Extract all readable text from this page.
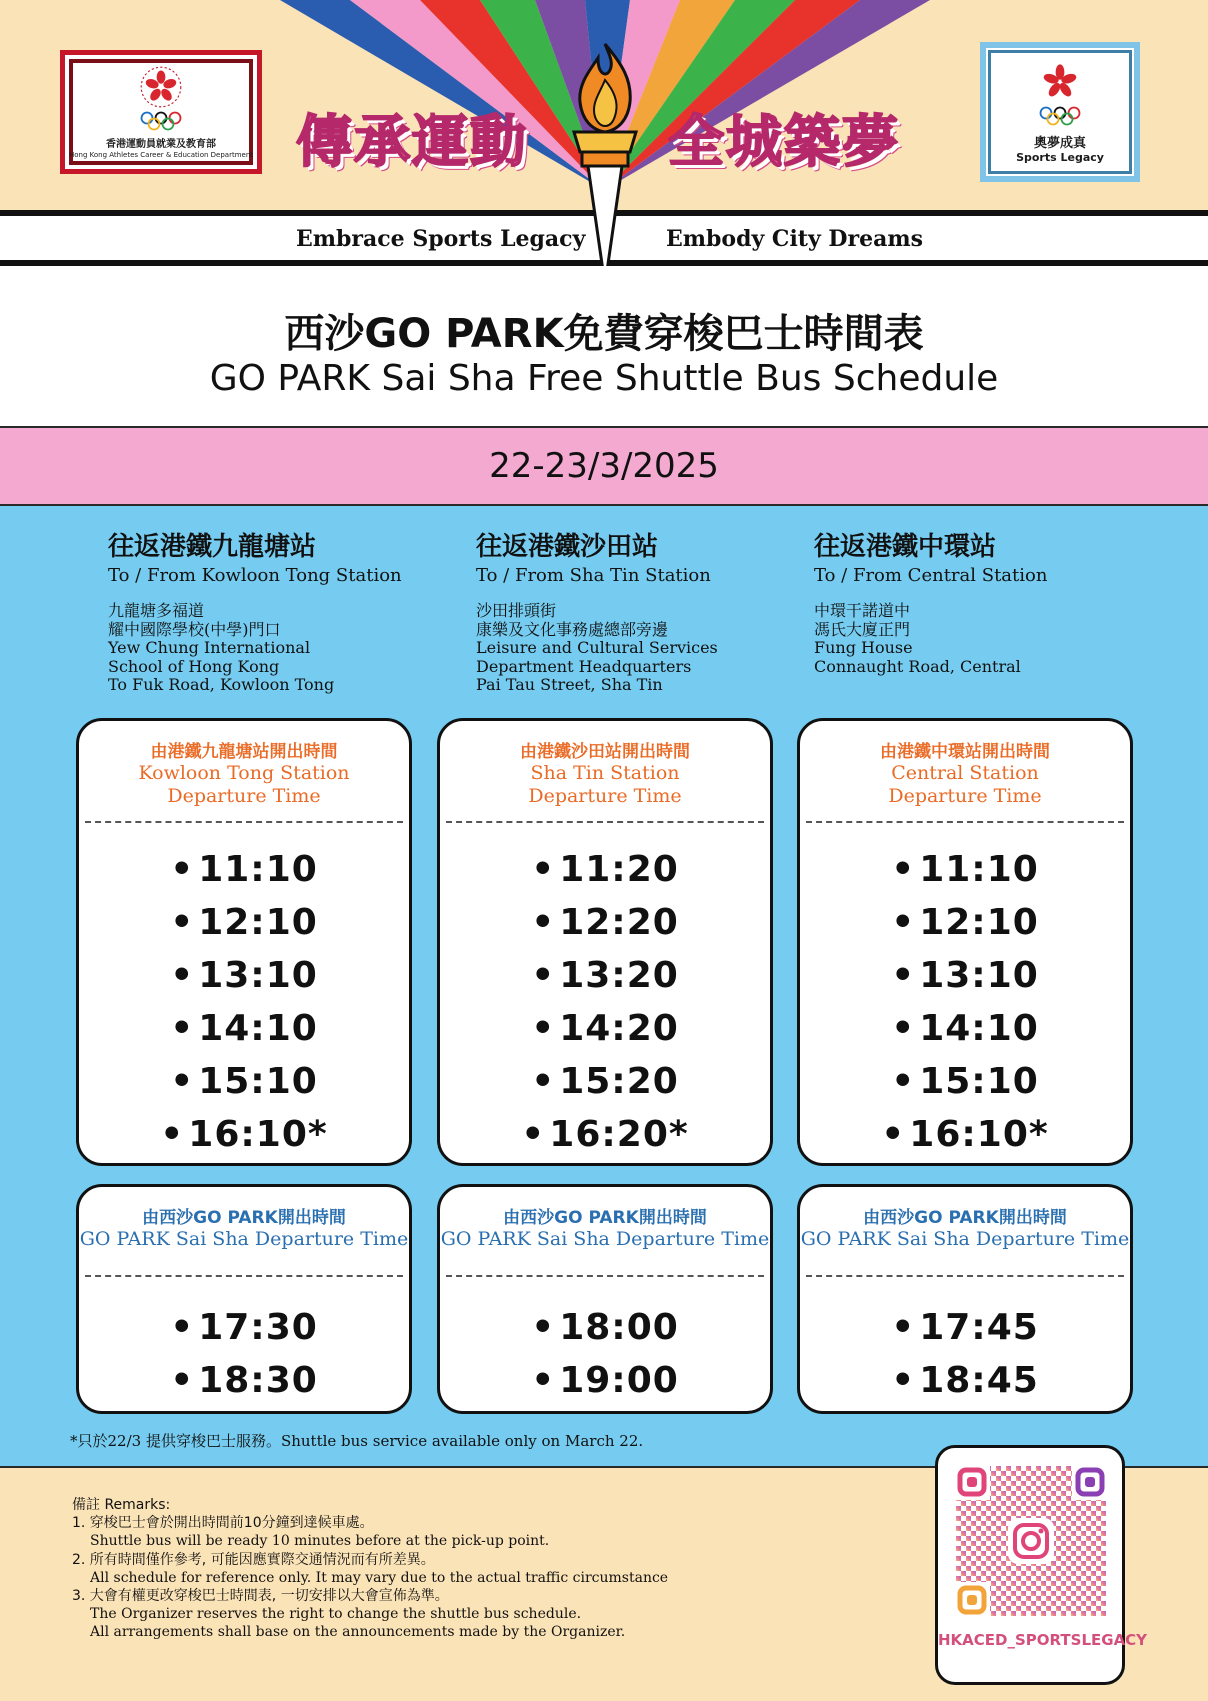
香港運動員就業及教育部
Hong Kong Athletes Career & Education Department
奧夢成真
Sports Legacy
傳承運動	全城築夢
Embrace Sports Legacy	Embody City Dreams
西沙GO PARK免費穿梭巴士時間表
GO PARK Sai Sha Free Shuttle Bus Schedule
22-23/3/2025
往返港鐵九龍塘站
To / From Kowloon Tong Station
九龍塘多福道
耀中國際學校(中學)門口
Yew Chung International
School of Hong Kong
To Fuk Road, Kowloon Tong
往返港鐵沙田站
To / From Sha Tin Station
沙田排頭街
康樂及文化事務處總部旁邊
Leisure and Cultural Services
Department Headquarters
Pai Tau Street, Sha Tin
往返港鐵中環站
To / From Central Station
中環干諾道中
馮氏大廈正門
Fung House
Connaught Road, Central
由港鐵九龍塘站開出時間
Kowloon Tong Station
Departure Time
• 11:10
• 12:10
• 13:10
• 14:10
• 15:10
• 16:10*
由港鐵沙田站開出時間
Sha Tin Station
Departure Time
• 11:20
• 12:20
• 13:20
• 14:20
• 15:20
• 16:20*
由港鐵中環站開出時間
Central Station
Departure Time
• 11:10
• 12:10
• 13:10
• 14:10
• 15:10
• 16:10*
由西沙GO PARK開出時間
GO PARK Sai Sha Departure Time
• 17:30
• 18:30
由西沙GO PARK開出時間
GO PARK Sai Sha Departure Time
• 18:00
• 19:00
由西沙GO PARK開出時間
GO PARK Sai Sha Departure Time
• 17:45
• 18:45
*只於22/3 提供穿梭巴士服務。Shuttle bus service available only on March 22.
備註 Remarks:
1. 穿梭巴士會於開出時間前10分鐘到達候車處。
Shuttle bus will be ready 10 minutes before at the pick-up point.
2. 所有時間僅作參考, 可能因應實際交通情況而有所差異。
All schedule for reference only. It may vary due to the actual traffic circumstance
3. 大會有權更改穿梭巴士時間表, 一切安排以大會宣佈為準。
The Organizer reserves the right to change the shuttle bus schedule.
All arrangements shall base on the announcements made by the Organizer.	HKACED_SPORTSLEGACY
